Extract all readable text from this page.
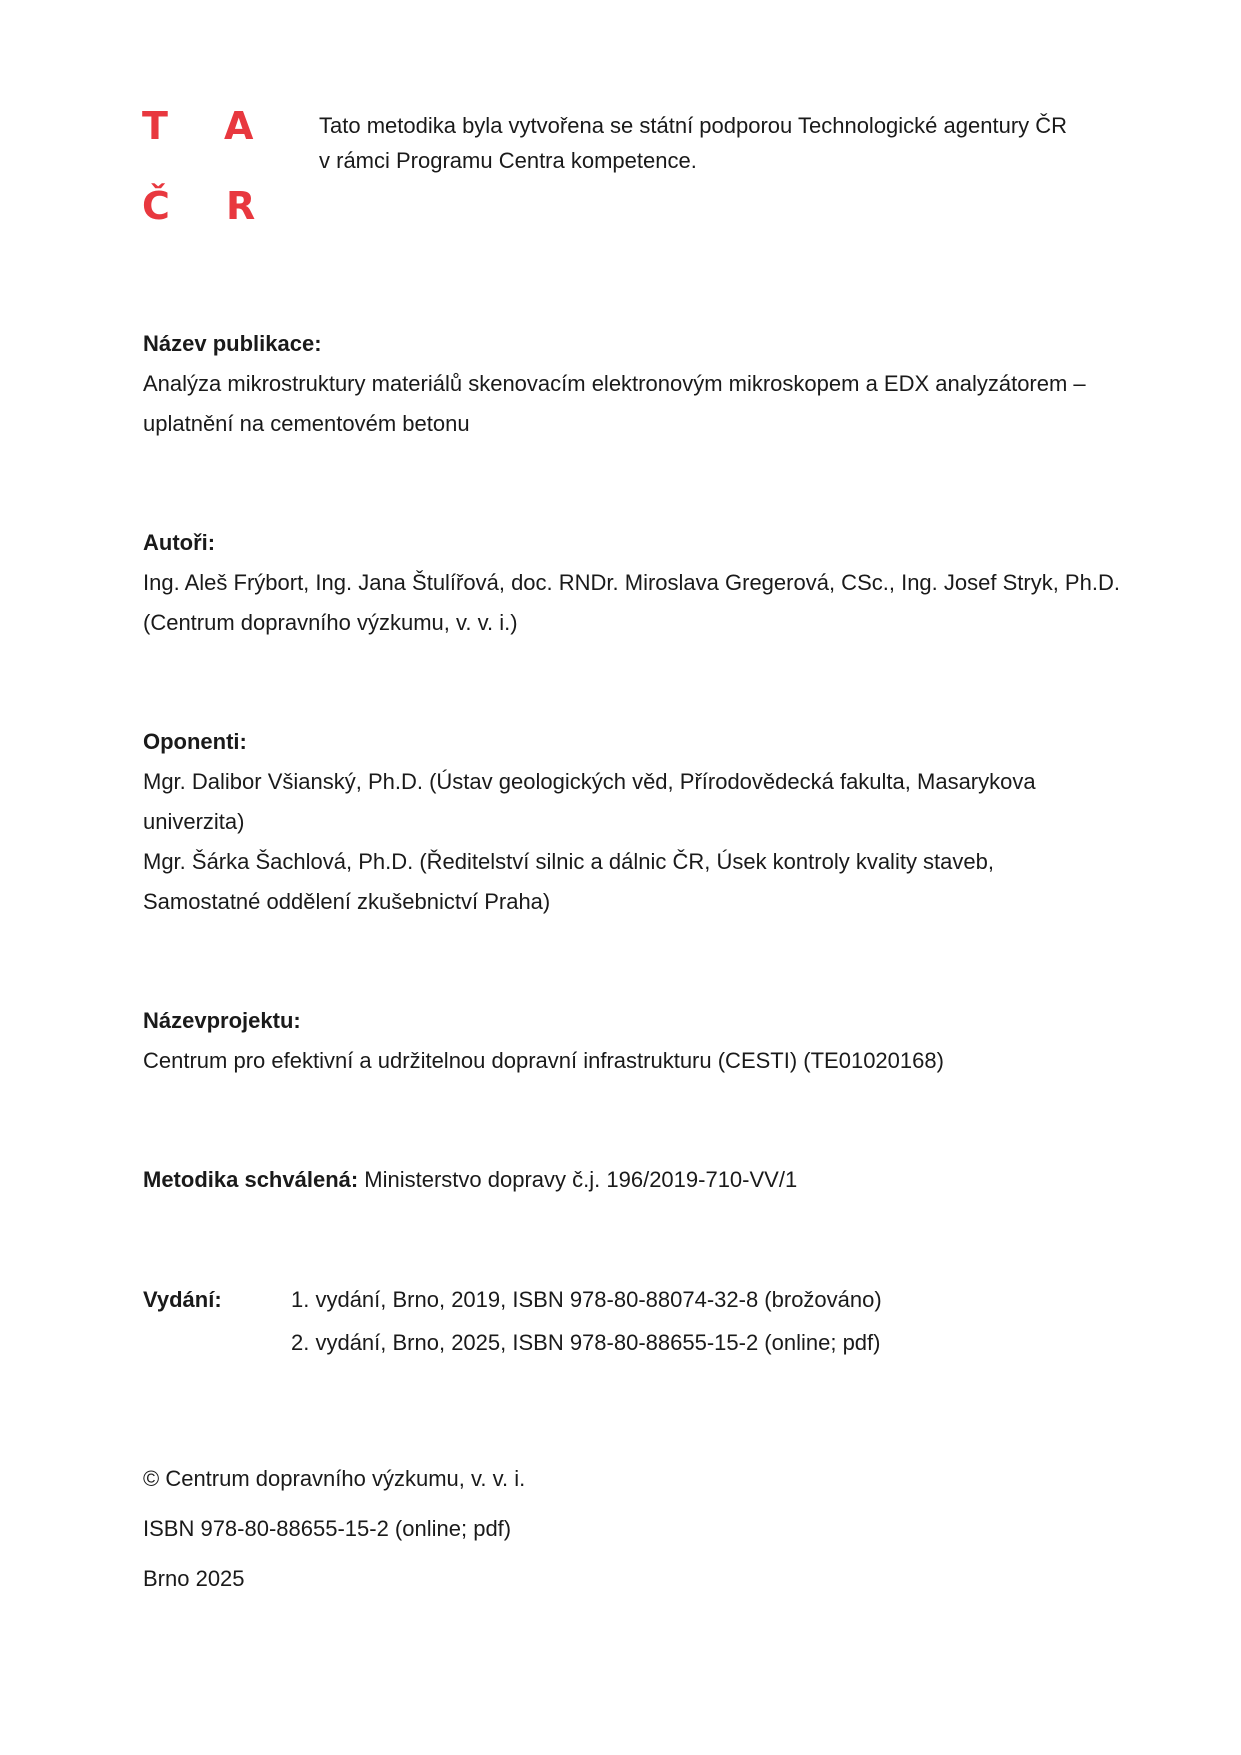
T A
Č R
Tato metodika byla vytvořena se státní podporou Technologické agentury ČR
v rámci Programu Centra kompetence.
Název publikace:
Analýza mikrostruktury materiálů skenovacím elektronovým mikroskopem a EDX analyzátorem –
uplatnění na cementovém betonu
Autoři:
Ing. Aleš Frýbort, Ing. Jana Štulířová, doc. RNDr. Miroslava Gregerová, CSc., Ing. Josef Stryk, Ph.D.
(Centrum dopravního výzkumu, v. v. i.)
Oponenti:
Mgr. Dalibor Všianský, Ph.D. (Ústav geologických věd, Přírodovědecká fakulta, Masarykova
univerzita)
Mgr. Šárka Šachlová, Ph.D. (Ředitelství silnic a dálnic ČR, Úsek kontroly kvality staveb,
Samostatné oddělení zkušebnictví Praha)
Názevprojektu:
Centrum pro efektivní a udržitelnou dopravní infrastrukturu (CESTI) (TE01020168)
Metodika schválená: Ministerstvo dopravy č.j. 196/2019-710-VV/1
Vydání:	1. vydání, Brno, 2019, ISBN 978-80-88074-32-8 (brožováno)
2. vydání, Brno, 2025, ISBN 978-80-88655-15-2 (online; pdf)
© Centrum dopravního výzkumu, v. v. i.
ISBN 978-80-88655-15-2 (online; pdf)
Brno 2025
